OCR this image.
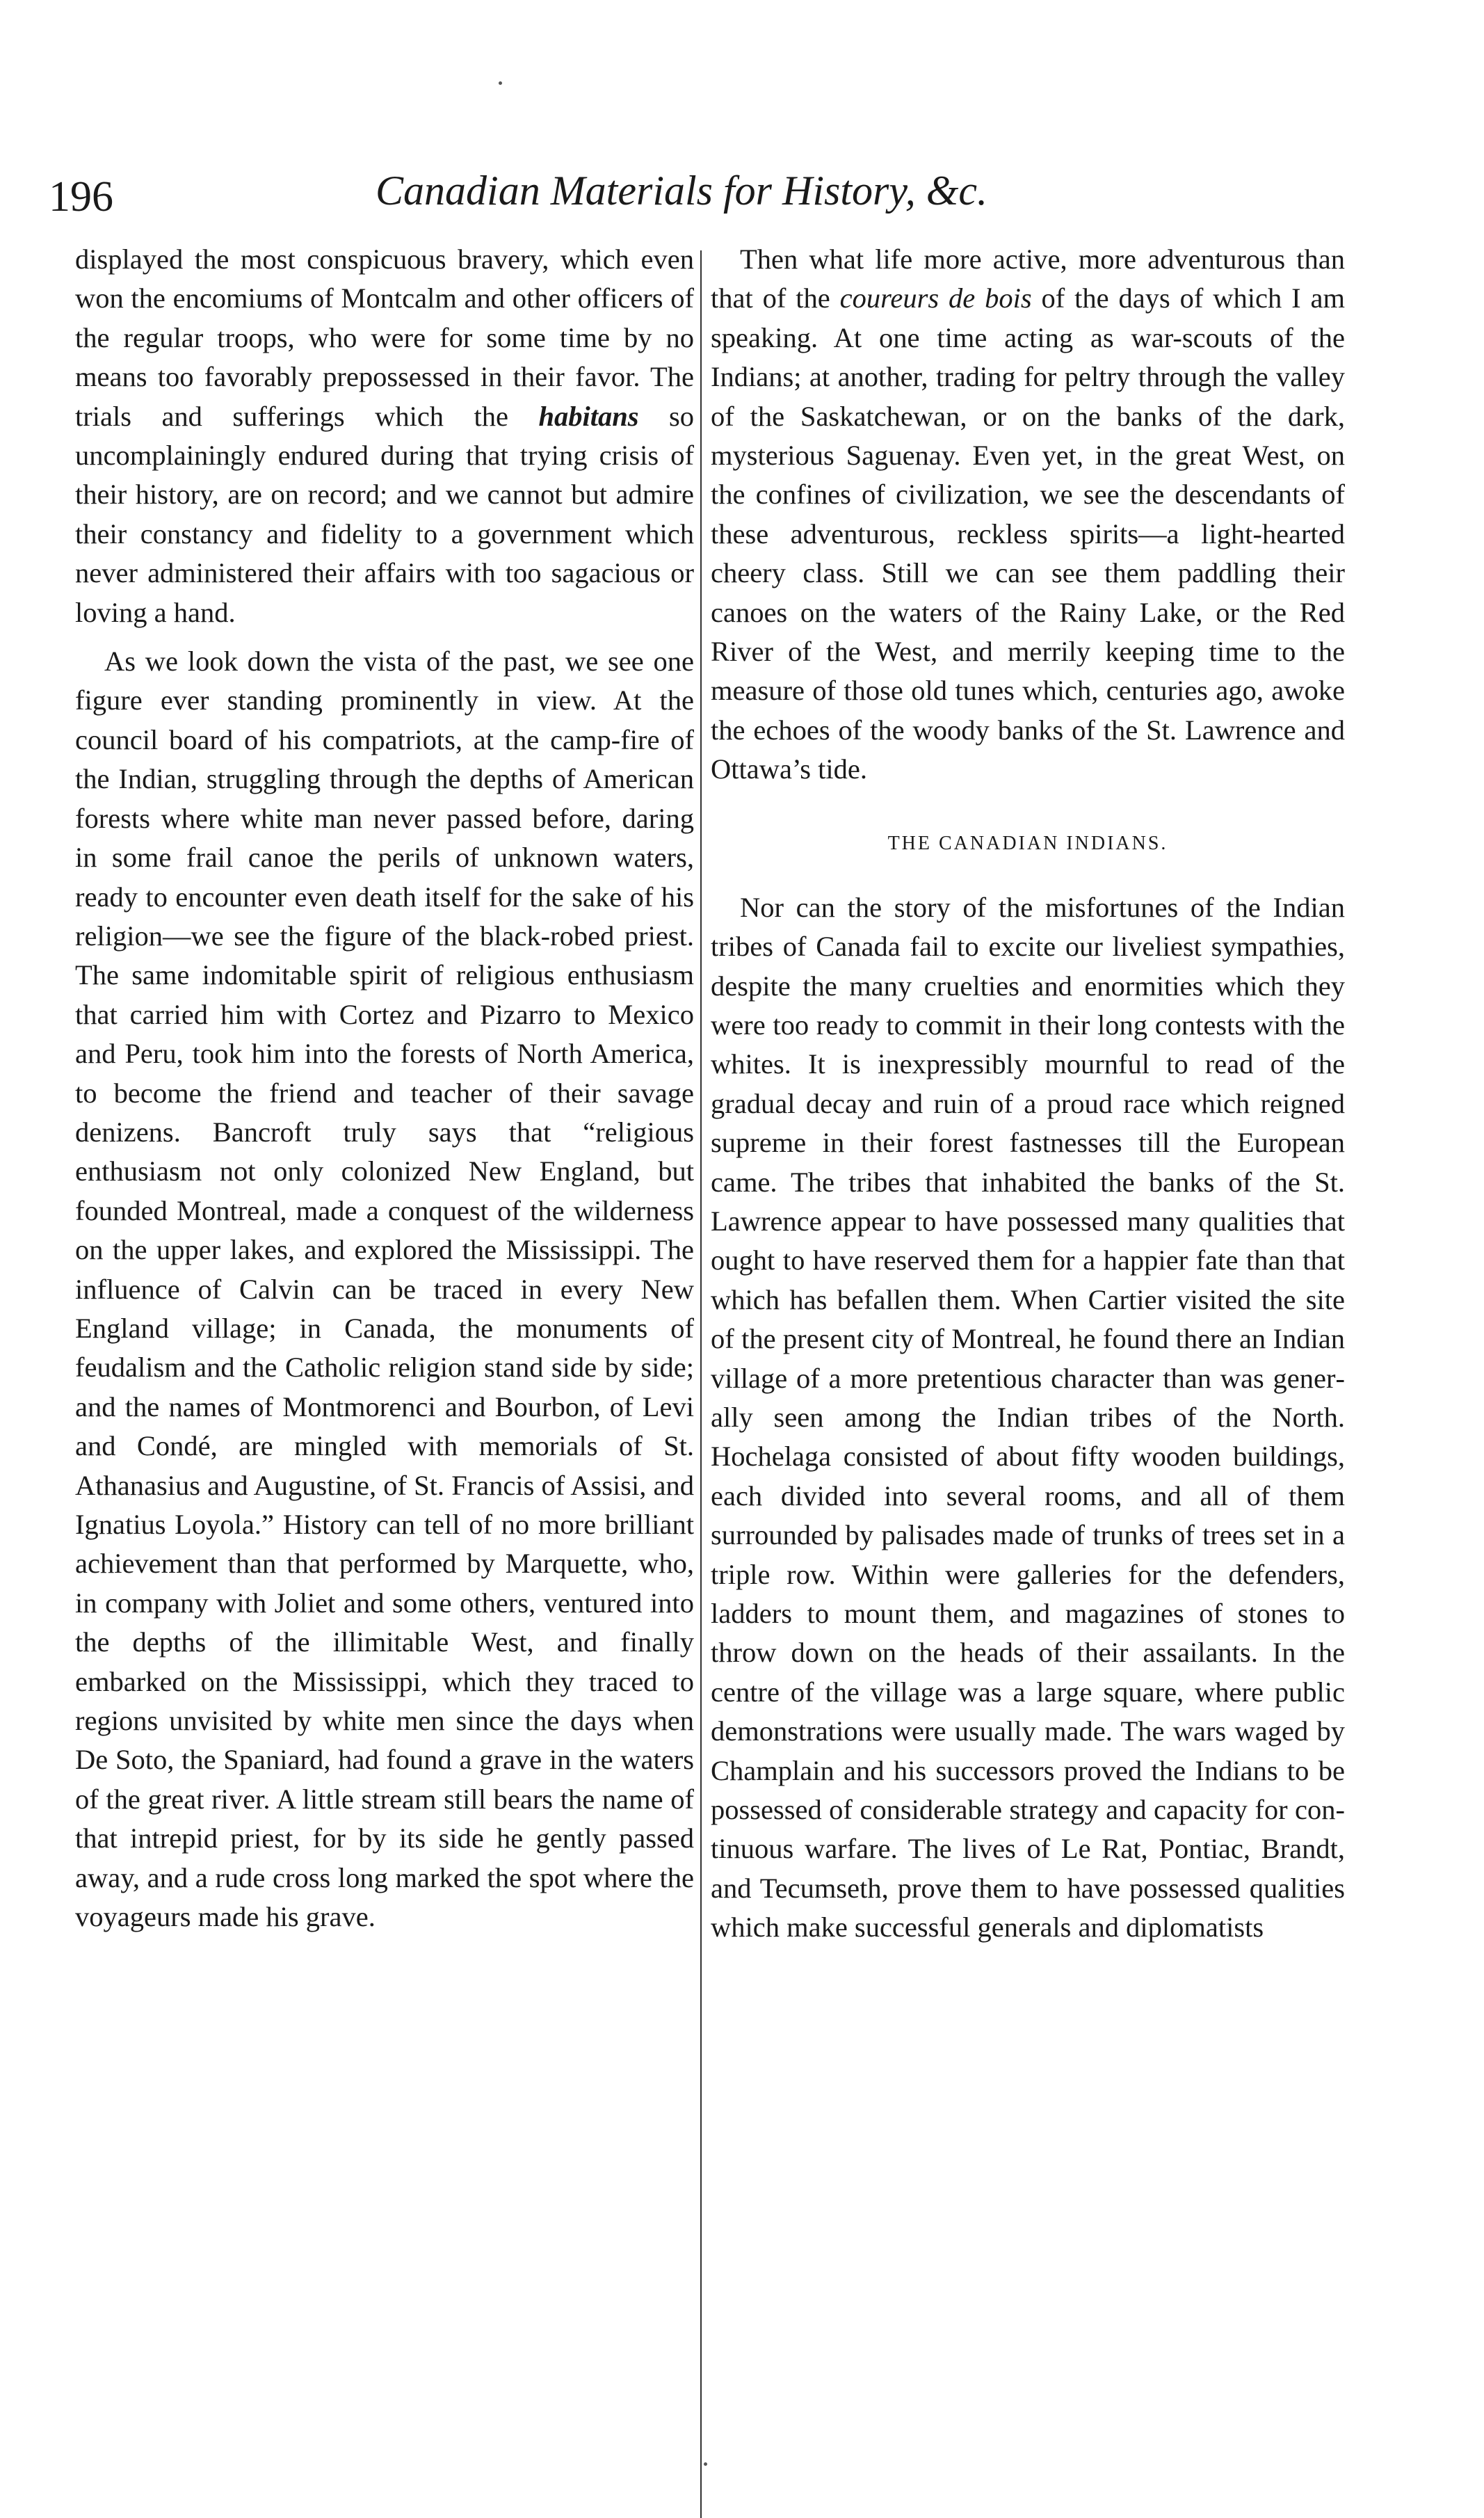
196	Canadian Materials for History, &c.

displayed the most conspicuous bravery, which even won the encomiums of Montcalm and other officers of the regular troops, who were for some time by no means too favorably prepossessed in their favor. The trials and sufferings which the habitans so uncomplainingly endured during that trying crisis of their history, are on record; and we cannot but admire their constancy and fidelity to a government which never administered their affairs with too sagacious or loving a hand.

As we look down the vista of the past, we see one figure ever standing prominently in view. At the council board of his compatriots, at the camp-fire of the Indian, struggling through the depths of American forests where white man never passed before, daring in some frail canoe the perils of unknown waters, ready to encounter even death itself for the sake of his religion—we see the figure of the black-robed priest. The same indomitable spirit of religious enthusiasm that carried him with Cortez and Pizarro to Mexico and Peru, took him into the forests of North America, to become the friend and teacher of their savage denizens. Bancroft truly says that “religious enthusiasm not only colonized New England, but founded Montreal, made a conquest of the wilderness on the upper lakes, and explored the Mississippi. The influence of Calvin can be traced in every New England village; in Canada, the monuments of feudalism and the Catholic religion stand side by side; and the names of Montmorenci and Bourbon, of Levi and Condé, are mingled with memorials of St. Athanasius and Augustine, of St. Francis of Assisi, and Ignatius Loyola.” History can tell of no more brilliant achievement than that performed by Marquette, who, in company with Joliet and some others, ventured into the depths of the illimitable West, and finally embarked on the Mississippi, which they traced to regions unvisited by white men since the days when De Soto, the Spaniard, had found a grave in the waters of the great river. A little stream still bears the name of that intrepid priest, for by its side he gently passed away, and a rude cross long marked the spot where the voyageurs made his grave.

Then what life more active, more adventurous than that of the coureurs de bois of the days of which I am speaking. At one time acting as war-scouts of the Indians; at another, trading for peltry through the valley of the Saskatchewan, or on the banks of the dark, mysterious Saguenay. Even yet, in the great West, on the confines of civilization, we see the descendants of these adventurous, reckless spirits—a light-hearted cheery class. Still we can see them paddling their canoes on the waters of the Rainy Lake, or the Red River of the West, and merrily keeping time to the measure of those old tunes which, centuries ago, awoke the echoes of the woody banks of the St. Lawrence and Ottawa’s tide.

THE CANADIAN INDIANS.

Nor can the story of the misfortunes of the Indian tribes of Canada fail to excite our liveliest sympathies, despite the many cruelties and enormities which they were too ready to commit in their long contests with the whites. It is inexpressibly mournful to read of the gradual decay and ruin of a proud race which reigned supreme in their forest fastnesses till the European came. The tribes that inhabited the banks of the St. Lawrence appear to have possessed many qualities that ought to have reserved them for a happier fate than that which has befallen them. When Cartier visited the site of the present city of Montreal, he found there an Indian village of a more pretentious character than was generally seen among the Indian tribes of the North. Hochelaga consisted of about fifty wooden buildings, each divided into several rooms, and all of them surrounded by palisades made of trunks of trees set in a triple row. Within were galleries for the defenders, ladders to mount them, and magazines of stones to throw down on the heads of their assailants. In the centre of the village was a large square, where public demonstrations were usually made. The wars waged by Champlain and his successors proved the Indians to be possessed of considerable strategy and capacity for continuous warfare. The lives of Le Rat, Pontiac, Brandt, and Tecumseth, prove them to have possessed qualities which make successful generals and diplomatists
